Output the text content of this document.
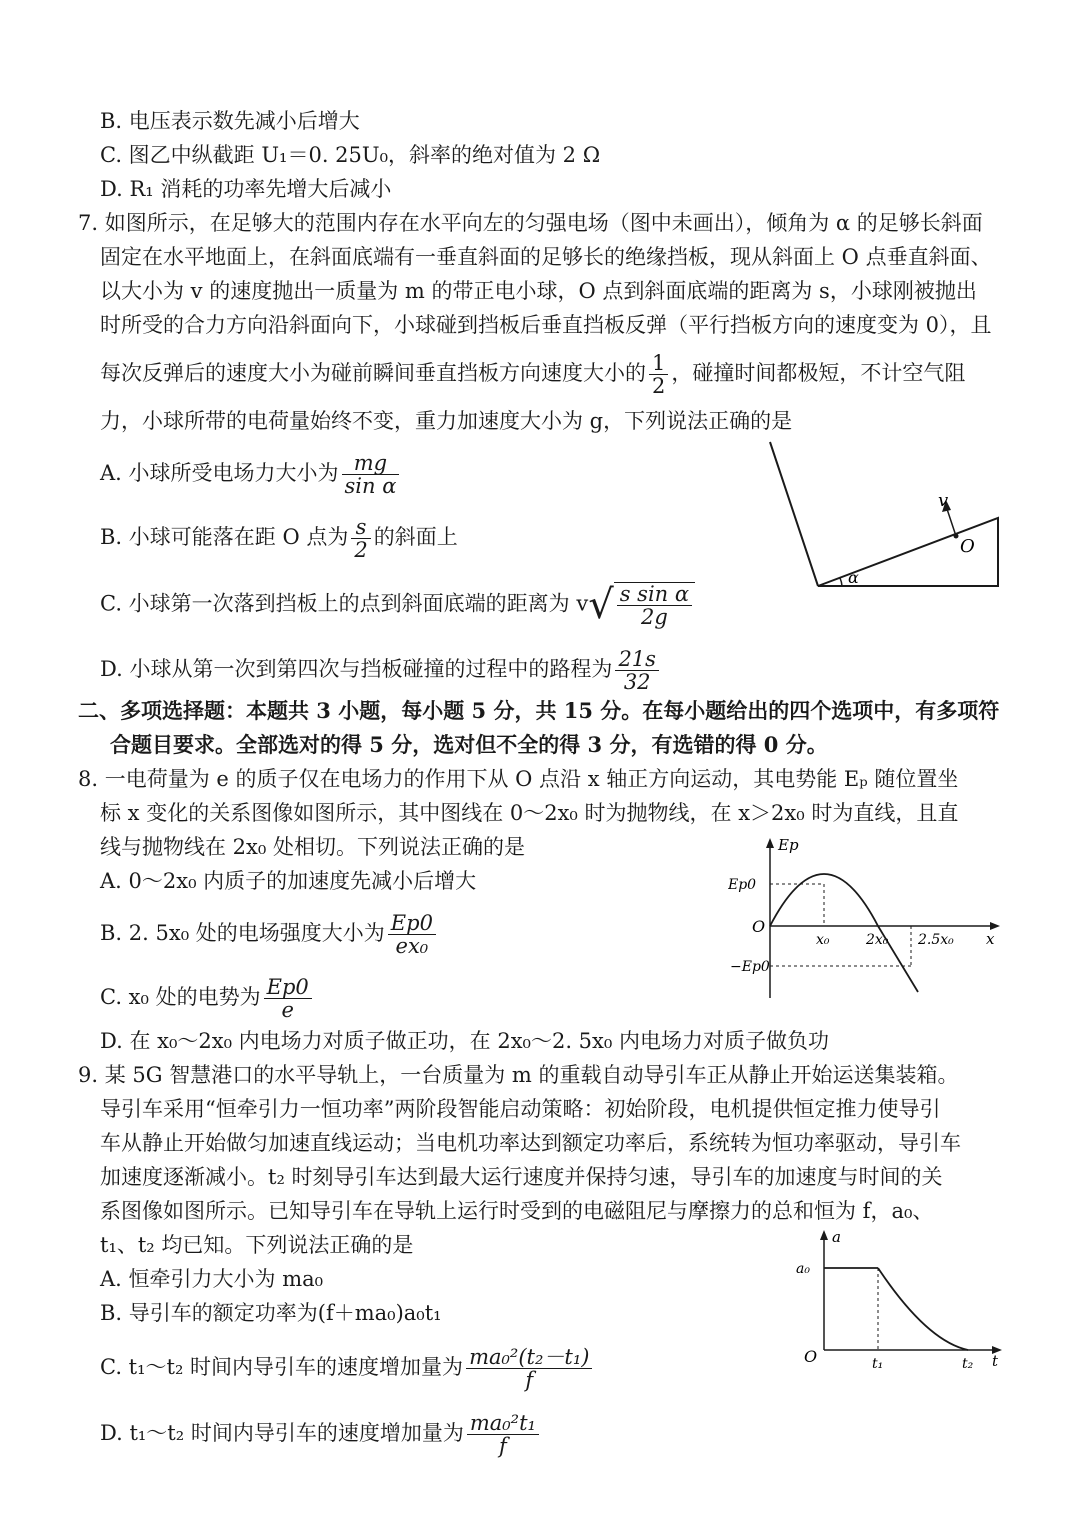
B. 电压表示数先减小后增大
C. 图乙中纵截距 U₁＝0. 25U₀，斜率的绝对值为 2 Ω
D. R₁ 消耗的功率先增大后减小
7. 如图所示，在足够大的范围内存在水平向左的匀强电场（图中未画出），倾角为 α 的足够长斜面
固定在水平地面上，在斜面底端有一垂直斜面的足够长的绝缘挡板，现从斜面上 O 点垂直斜面、
以大小为 v 的速度抛出一质量为 m 的带正电小球，O 点到斜面底端的距离为 s，小球刚被抛出
时所受的合力方向沿斜面向下，小球碰到挡板后垂直挡板反弹（平行挡板方向的速度变为 0），且
每次反弹后的速度大小为碰前瞬间垂直挡板方向速度大小的 $\frac{1}{2}$ ，碰撞时间都极短，不计空气阻
力，小球所带的电荷量始终不变，重力加速度大小为 g，下列说法正确的是
A. 小球所受电场力大小为 $\frac{mg}{\text{sin α}}$
B. 小球可能落在距 O 点为 $\frac{s}{2}$ 的斜面上
C. 小球第一次落到挡板上的点到斜面底端的距离为 $v√ \frac{\text{s sin α}}{2g}$
D. 小球从第一次到第四次与挡板碰撞的过程中的路程为 $\frac{21s}{32}$
v
O
α
二、多项选择题：本题共 3 小题，每小题 5 分，共 15 分。在每小题给出的四个选项中，有多项符
合题目要求。全部选对的得 5 分，选对但不全的得 3 分，有选错的得 0 分。
8. 一电荷量为 e 的质子仅在电场力的作用下从 O 点沿 x 轴正方向运动，其电势能 Eₚ 随位置坐
标 x 变化的关系图像如图所示，其中图线在 0～2x₀ 时为抛物线，在 x＞2x₀ 时为直线，且直
线与抛物线在 2x₀ 处相切。下列说法正确的是
A. 0～2x₀ 内质子的加速度先减小后增大
B. 2. 5x₀ 处的电场强度大小为 $\frac{Ep0}{\text{ex₀}}$
C. x₀ 处的电势为 $\frac{Ep0}{e}$
D. 在 x₀～2x₀ 内电场力对质子做正功，在 2x₀～2. 5x₀ 内电场力对质子做负功
Ep
Ep0
−Ep0
O
x₀	2x₀ 2.5x₀ x
9. 某 5G 智慧港口的水平导轨上，一台质量为 m 的重载自动导引车正从静止开始运送集装箱。
导引车采用“恒牵引力一恒功率”两阶段智能启动策略：初始阶段，电机提供恒定推力使导引
车从静止开始做匀加速直线运动；当电机功率达到额定功率后，系统转为恒功率驱动，导引车
加速度逐渐减小。t₂ 时刻导引车达到最大运行速度并保持匀速，导引车的加速度与时间的关
系图像如图所示。已知导引车在导轨上运行时受到的电磁阻尼与摩擦力的总和恒为 f，a₀、
t₁、t₂ 均已知。下列说法正确的是
A. 恒牵引力大小为 ma₀
B. 导引车的额定功率为(f＋ma₀)a₀t₁
C. t₁～t₂ 时间内导引车的速度增加量为 $\frac{\text{ma₀²(t₂－t₁)}}{f}$
D. t₁～t₂ 时间内导引车的速度增加量为 $\frac{\text{ma₀²t₁}}{f}$
a
a₀
O	t₁	t₂ t
